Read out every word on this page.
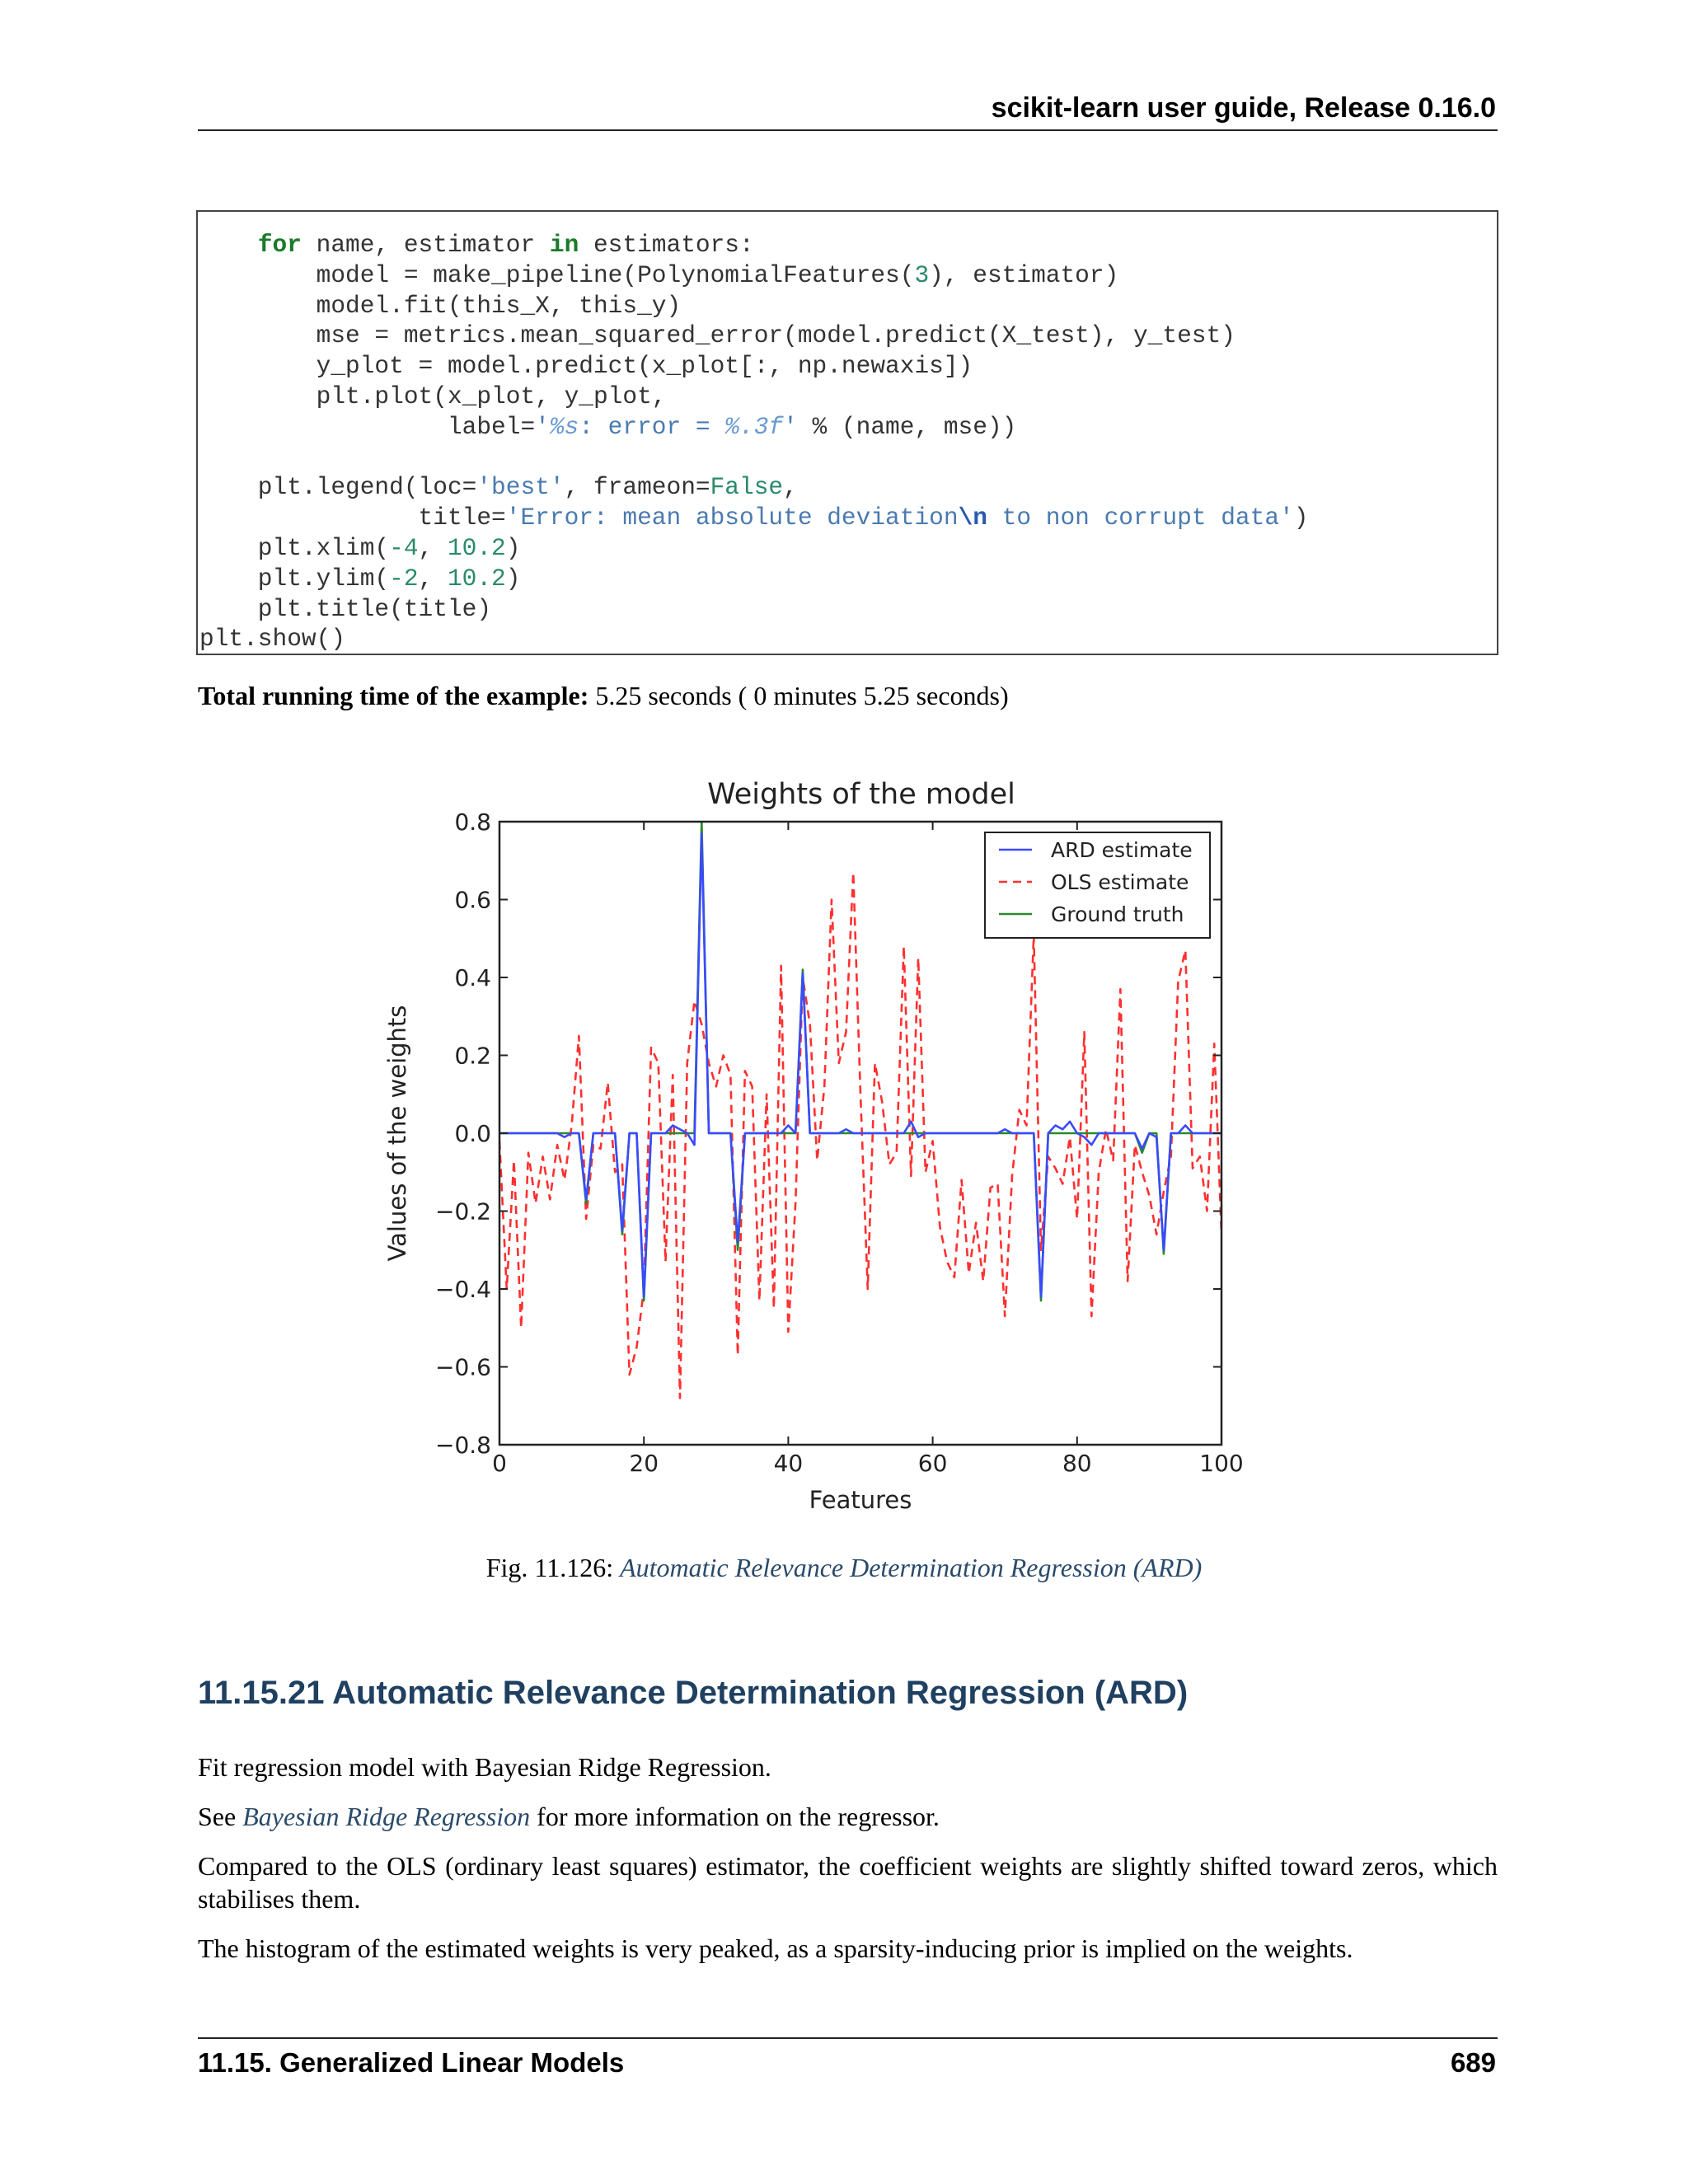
scikit-learn user guide, Release 0.16.0
for name, estimator in estimators:
model = make_pipeline(PolynomialFeatures(3), estimator)
model.fit(this_X, this_y)
mse = metrics.mean_squared_error(model.predict(X_test), y_test)
y_plot = model.predict(x_plot[:, np.newaxis])
plt.plot(x_plot, y_plot,
label='%s: error = %.3f' % (name, mse))

plt.legend(loc='best', frameon=False,
title='Error: mean absolute deviation\n to non corrupt data')
plt.xlim(-4, 10.2)
plt.ylim(-2, 10.2)
plt.title(title)
plt.show()
Total running time of the example: 5.25 seconds ( 0 minutes 5.25 seconds)
Weights of the model
0	20	40	60	80	100
0.8
0.6
0.4
0.2
0.0
−0.2
−0.4
−0.6
−0.8
Features
Values of the weights
ARD estimate
OLS estimate
Ground truth
Fig. 11.126: Automatic Relevance Determination Regression (ARD)
11.15.21 Automatic Relevance Determination Regression (ARD)
Fit regression model with Bayesian Ridge Regression.
See Bayesian Ridge Regression for more information on the regressor.
Compared to the OLS (ordinary least squares) estimator, the coefficient weights are slightly shifted toward zeros, which stabilises them.
The histogram of the estimated weights is very peaked, as a sparsity-inducing prior is implied on the weights.
11.15. Generalized Linear Models	689
